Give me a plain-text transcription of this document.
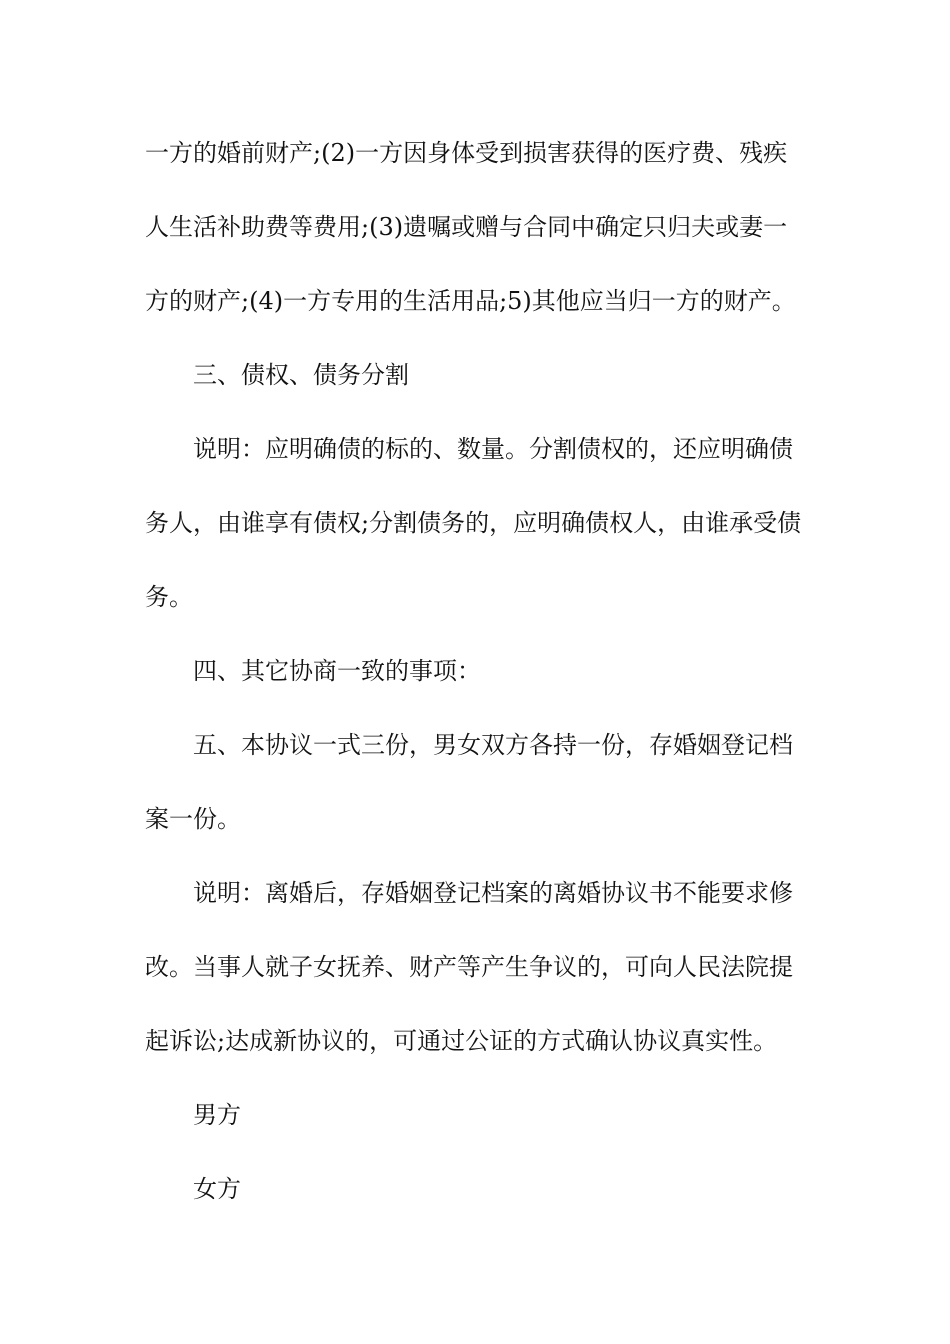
一方的婚前财产;(2)一方因身体受到损害获得的医疗费、残疾
人生活补助费等费用;(3)遗嘱或赠与合同中确定只归夫或妻一
方的财产;(4)一方专用的生活用品;5)其他应当归一方的财产。
三、债权、债务分割
说明：应明确债的标的、数量。分割债权的，还应明确债
务人，由谁享有债权;分割债务的，应明确债权人，由谁承受债
务。
四、其它协商一致的事项：
五、本协议一式三份，男女双方各持一份，存婚姻登记档
案一份。
说明：离婚后，存婚姻登记档案的离婚协议书不能要求修
改。当事人就子女抚养、财产等产生争议的，可向人民法院提
起诉讼;达成新协议的，可通过公证的方式确认协议真实性。
男方
女方
